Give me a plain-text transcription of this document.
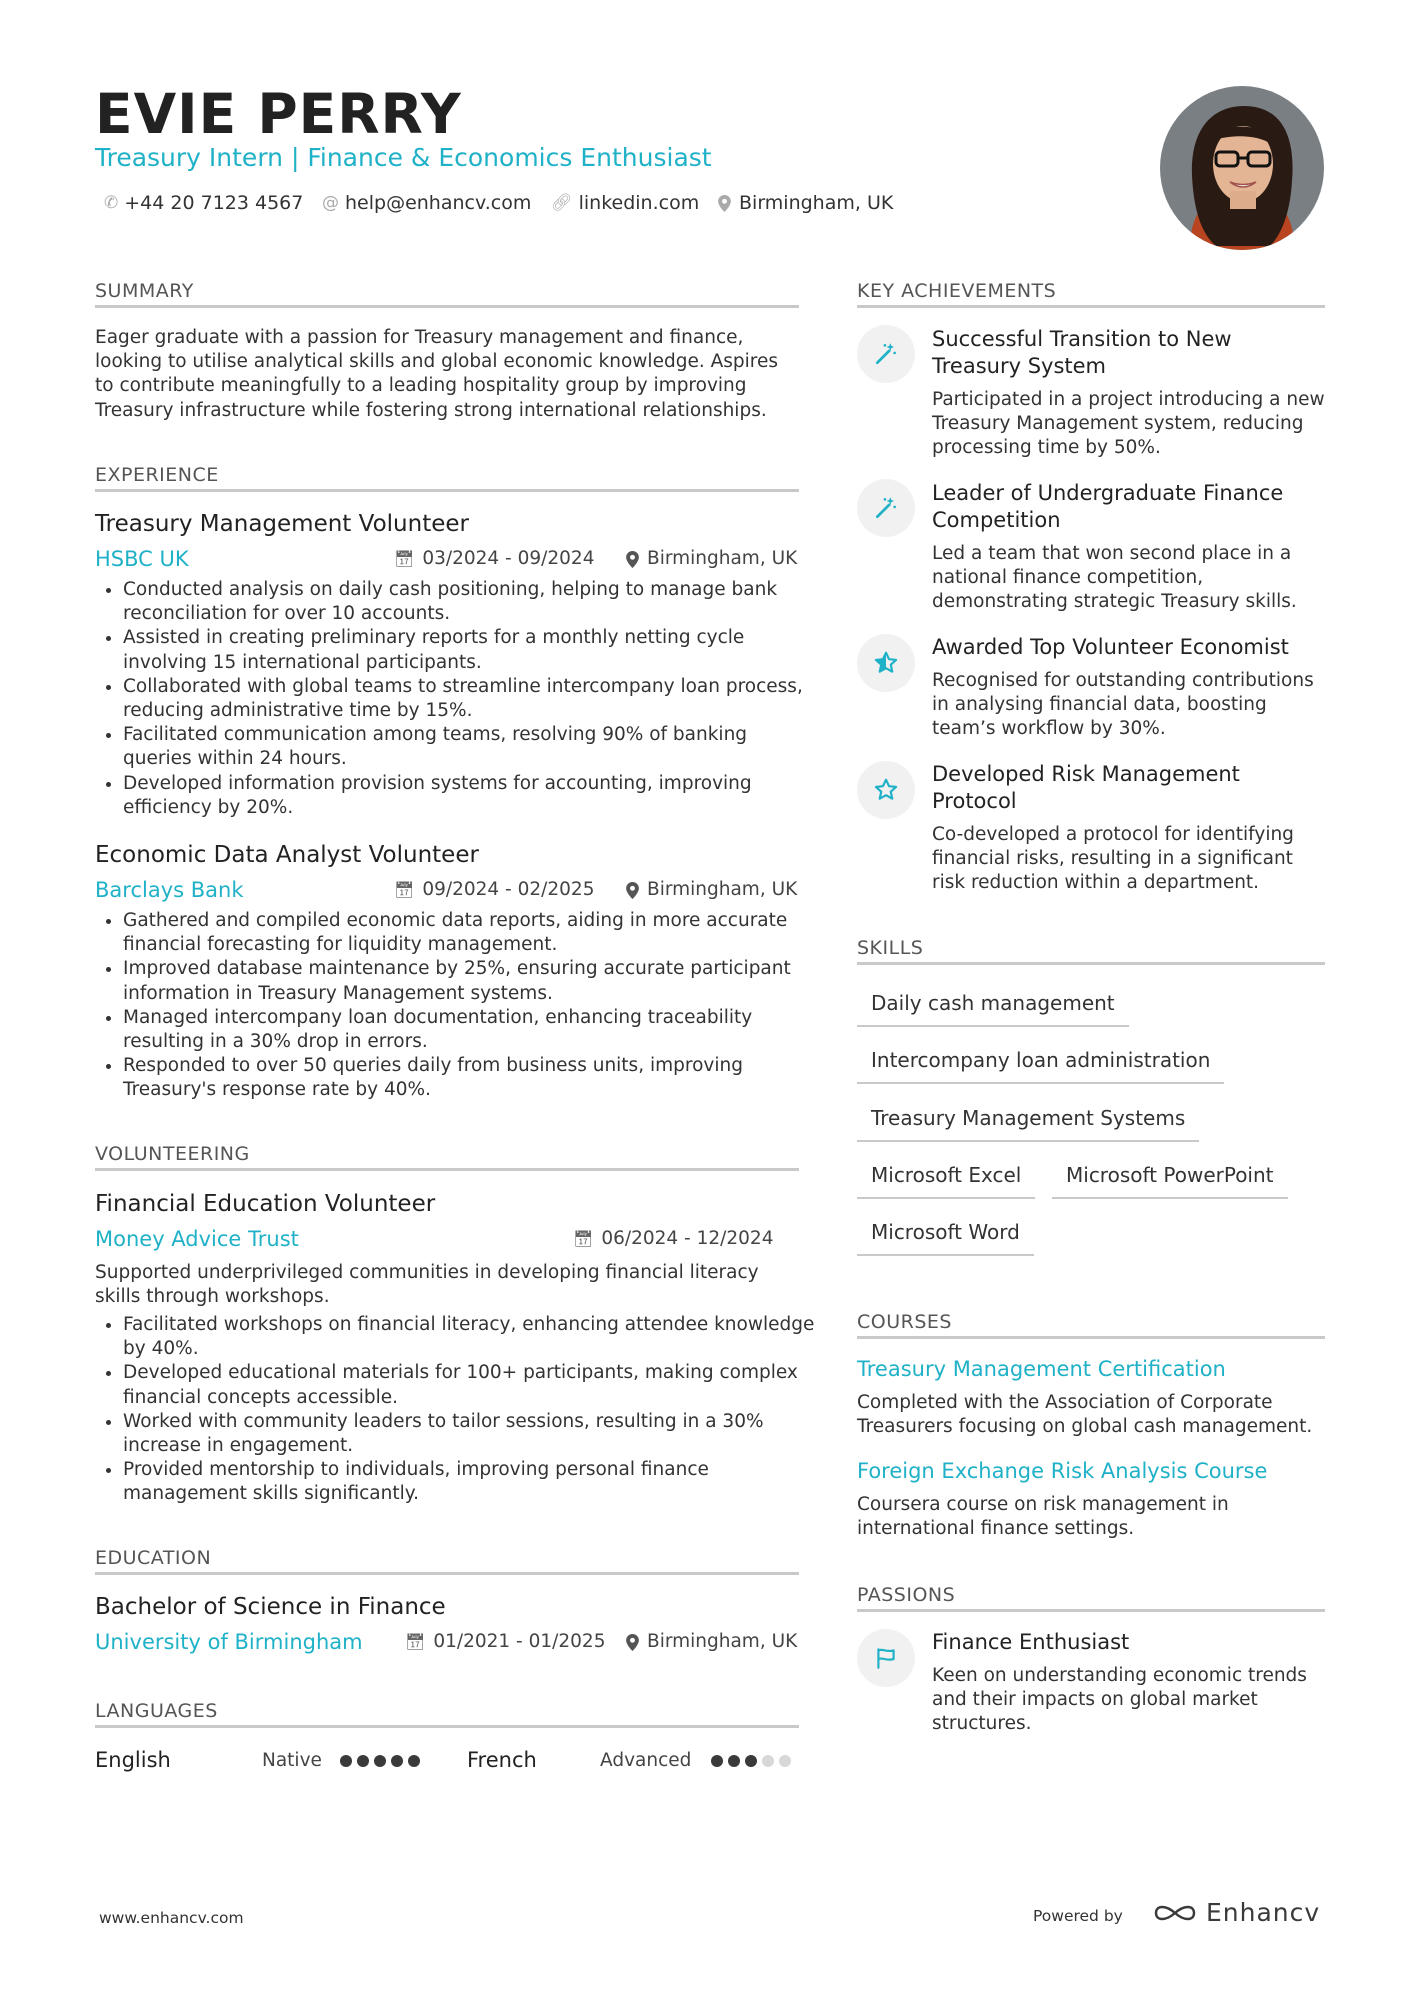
EVIE PERRY
Treasury Intern | Finance & Economics Enthusiast
✆ +44 20 7123 4567 @ help@enhancv.com 🔗︎ linkedin.com Birmingham, UK
SUMMARY
Eager graduate with a passion for Treasury management and finance, looking to utilise analytical skills and global economic knowledge. Aspires to contribute meaningfully to a leading hospitality group by improving Treasury infrastructure while fostering strong international relationships.
EXPERIENCE
Treasury Management Volunteer
HSBC UK	📅︎ 03/2024 - 09/2024	Birmingham, UK
• Conducted analysis on daily cash positioning, helping to manage bank reconciliation for over 10 accounts.
• Assisted in creating preliminary reports for a monthly netting cycle involving 15 international participants.
• Collaborated with global teams to streamline intercompany loan process, reducing administrative time by 15%.
• Facilitated communication among teams, resolving 90% of banking queries within 24 hours.
• Developed information provision systems for accounting, improving efficiency by 20%.
Economic Data Analyst Volunteer
Barclays Bank	📅︎ 09/2024 - 02/2025	Birmingham, UK
• Gathered and compiled economic data reports, aiding in more accurate financial forecasting for liquidity management.
• Improved database maintenance by 25%, ensuring accurate participant information in Treasury Management systems.
• Managed intercompany loan documentation, enhancing traceability resulting in a 30% drop in errors.
• Responded to over 50 queries daily from business units, improving Treasury's response rate by 40%.
VOLUNTEERING
Financial Education Volunteer
Money Advice Trust	📅︎ 06/2024 - 12/2024
Supported underprivileged communities in developing financial literacy skills through workshops.
• Facilitated workshops on financial literacy, enhancing attendee knowledge by 40%.
• Developed educational materials for 100+ participants, making complex financial concepts accessible.
• Worked with community leaders to tailor sessions, resulting in a 30% increase in engagement.
• Provided mentorship to individuals, improving personal finance management skills significantly.
EDUCATION
Bachelor of Science in Finance
University of Birmingham	📅︎ 01/2021 - 01/2025 Birmingham, UK
LANGUAGES
English	Native	French	Advanced
KEY ACHIEVEMENTS
Successful Transition to New Treasury System
Participated in a project introducing a new Treasury Management system, reducing processing time by 50%.
Leader of Undergraduate Finance Competition
Led a team that won second place in a national finance competition, demonstrating strategic Treasury skills.
Awarded Top Volunteer Economist
Recognised for outstanding contributions in analysing financial data, boosting team’s workflow by 30%.
Developed Risk Management Protocol
Co-developed a protocol for identifying financial risks, resulting in a significant risk reduction within a department.
SKILLS
Daily cash management
Intercompany loan administration
Treasury Management Systems
Microsoft Excel	Microsoft PowerPoint
Microsoft Word
COURSES
Treasury Management Certification
Completed with the Association of Corporate Treasurers focusing on global cash management.
Foreign Exchange Risk Analysis Course
Coursera course on risk management in international finance settings.
PASSIONS
Finance Enthusiast
Keen on understanding economic trends and their impacts on global market structures.
www.enhancv.com	Powered by	Enhancv
